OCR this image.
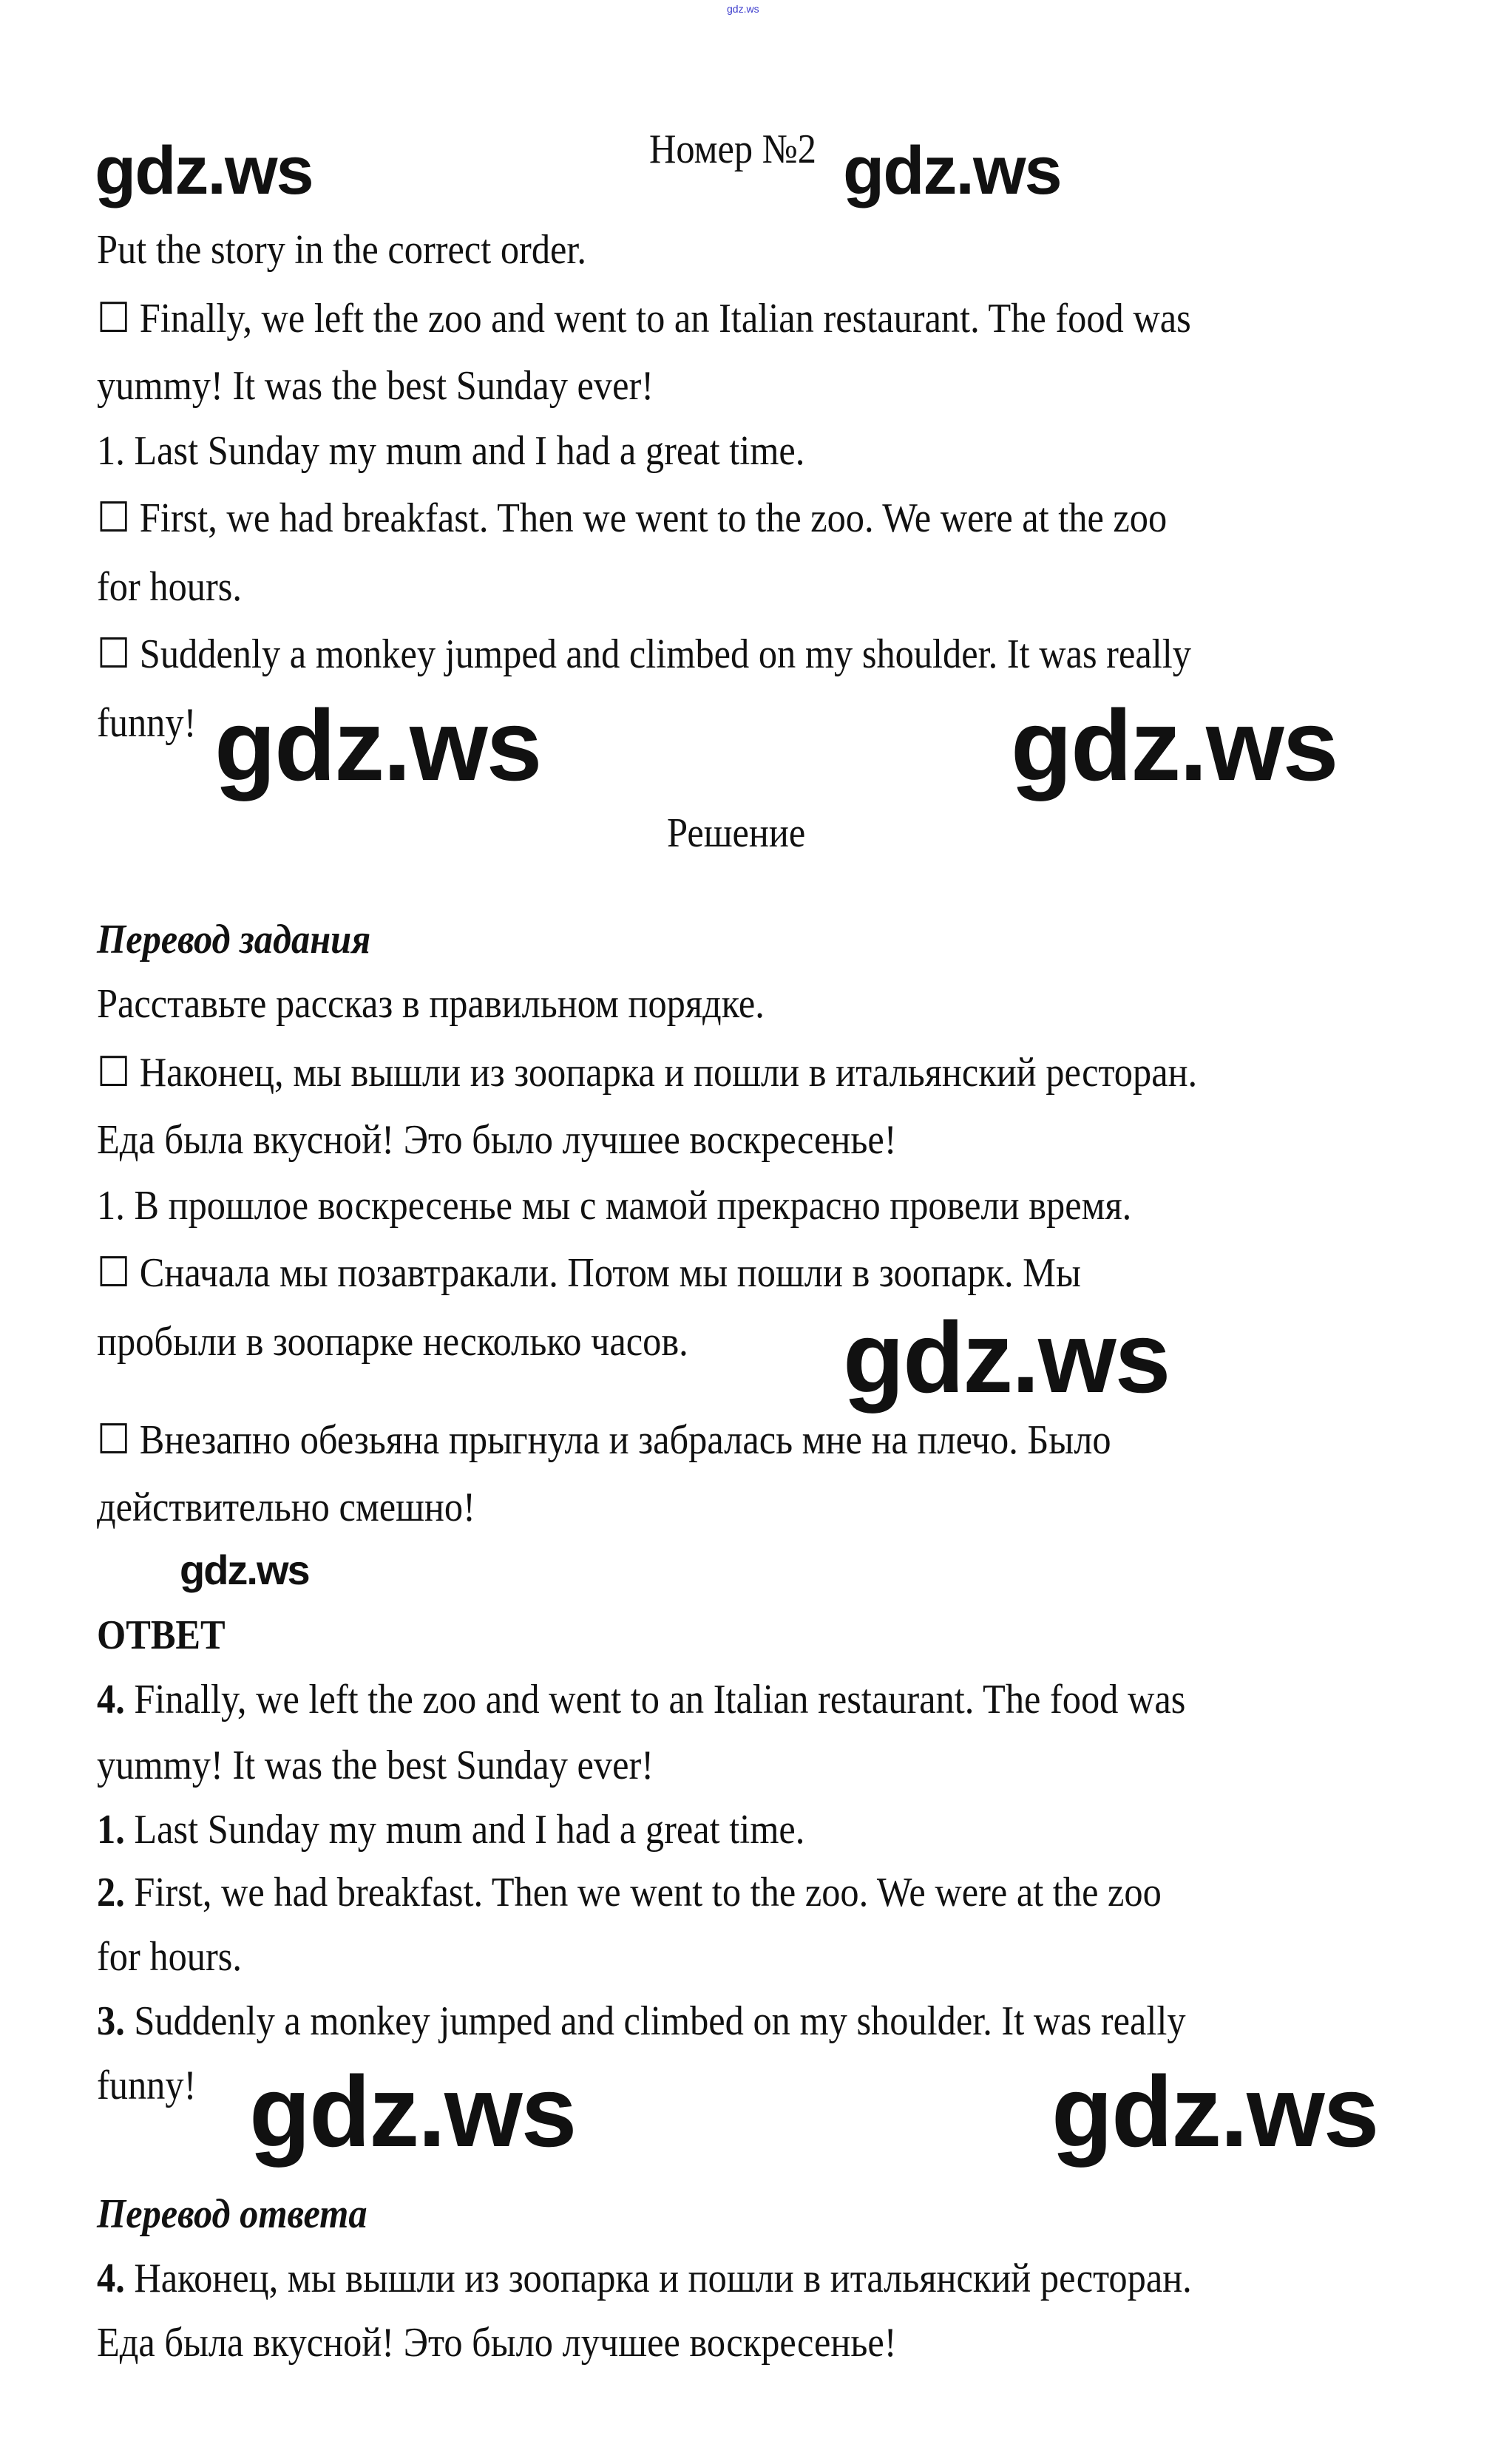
gdz.ws
Номер №2
Put the story in the correct order.
☐ Finally, we left the zoo and went to an Italian restaurant. The food was
yummy! It was the best Sunday ever!
1. Last Sunday my mum and I had a great time.
☐ First, we had breakfast. Then we went to the zoo. We were at the zoo
for hours.
☐ Suddenly a monkey jumped and climbed on my shoulder. It was really
funny!
Решение
Перевод задания
Расставьте рассказ в правильном порядке.
☐ Наконец, мы вышли из зоопарка и пошли в итальянский ресторан.
Еда была вкусной! Это было лучшее воскресенье!
1. В прошлое воскресенье мы с мамой прекрасно провели время.
☐ Сначала мы позавтракали. Потом мы пошли в зоопарк. Мы
пробыли в зоопарке несколько часов.
☐ Внезапно обезьяна прыгнула и забралась мне на плечо. Было
действительно смешно!
ОТВЕТ
4. Finally, we left the zoo and went to an Italian restaurant. The food was
yummy! It was the best Sunday ever!
1. Last Sunday my mum and I had a great time.
2. First, we had breakfast. Then we went to the zoo. We were at the zoo
for hours.
3. Suddenly a monkey jumped and climbed on my shoulder. It was really
funny!
Перевод ответа
4. Наконец, мы вышли из зоопарка и пошли в итальянский ресторан.
Еда была вкусной! Это было лучшее воскресенье!
gdz.ws	gdz.ws
gdz.ws	gdz.ws
gdz.ws
gdz.ws
gdz.ws	gdz.ws
